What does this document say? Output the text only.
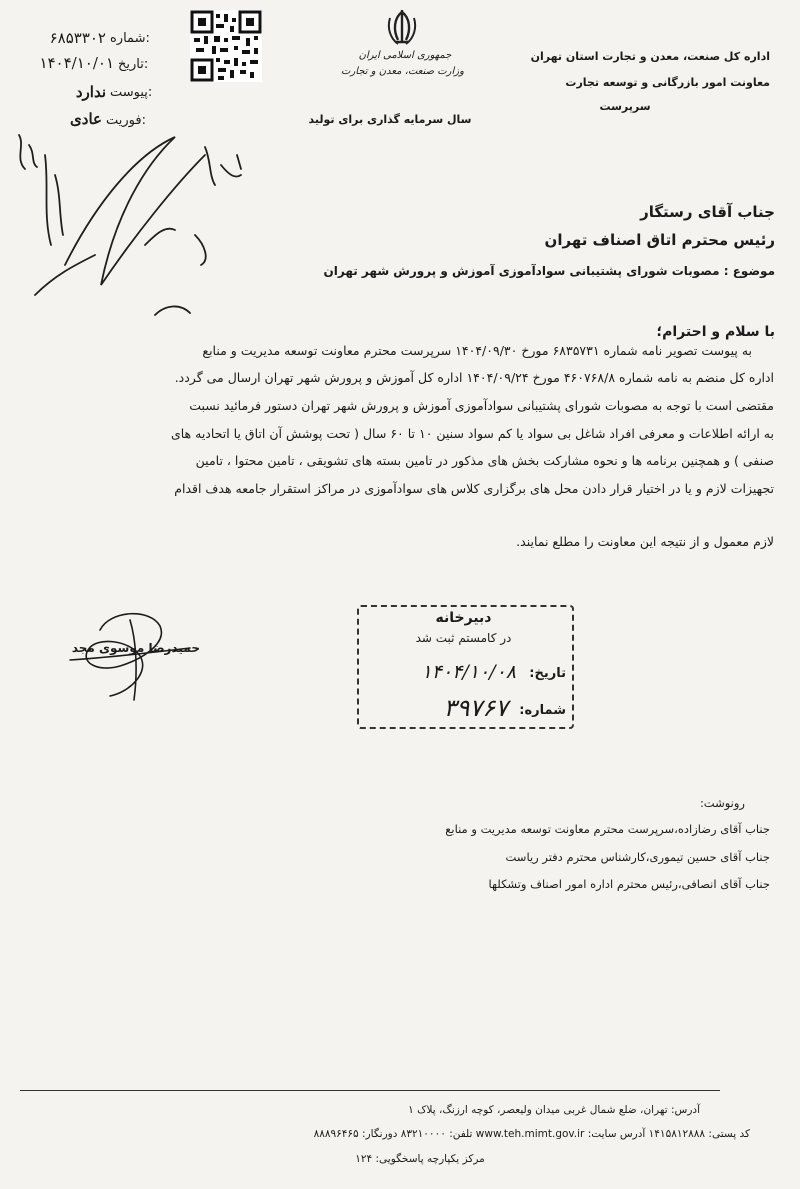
جمهوری اسلامی ایران
وزارت صنعت، معدن و تجارت
سال سرمایه گذاری برای تولید
اداره کل صنعت، معدن و تجارت استان تهران
معاونت امور بازرگانی و توسعه تجارت
سرپرست
شماره:
۶۸۵۳۳۰۲
تاریخ:
۱۴۰۴/۱۰/۰۱
پیوست:
ندارد
فوریت:
عادی
جناب آقای رستگار
رئیس محترم اتاق اصناف تهران
موضوع : مصوبات شورای پشتیبانی سوادآموزی آموزش و پرورش شهر تهران
با سلام و احترام؛
به پیوست تصویر نامه شماره ۶۸۳۵۷۳۱ مورخ ۱۴۰۴/۰۹/۳۰ سرپرست محترم معاونت توسعه مدیریت و منابع
اداره کل منضم به نامه شماره ۴۶۰۷۶۸/۸ مورخ ۱۴۰۴/۰۹/۲۴ اداره کل آموزش و پرورش شهر تهران ارسال می گردد.
مقتضی است با توجه به مصوبات شورای پشتیبانی سوادآموزی آموزش و پرورش شهر تهران دستور فرمائید نسبت
به ارائه اطلاعات و معرفی افراد شاغل بی سواد یا کم سواد سنین ۱۰ تا ۶۰ سال ( تحت پوشش آن اتاق یا اتحادیه های
صنفی ) و همچنین برنامه ها و نحوه مشارکت بخش های مذکور در تامین بسته های تشویقی ، تامین محتوا ، تامین
تجهیزات لازم و یا در اختیار قرار دادن محل های برگزاری کلاس های سوادآموزی در مراکز استقرار جامعه هدف اقدام
لازم معمول و از نتیجه این معاونت را مطلع نمایند.
حمیدرضا موسوی مجد
دبیرخانه
در کامستم ثبت شد
تاریخ:
۱۴۰۴/۱۰/۰۸
شماره:
۳۹۷۶۷
رونوشت:
جناب آقای رضازاده،سرپرست محترم معاونت توسعه مدیریت و منابع
جناب آقای حسین تیموری،کارشناس محترم دفتر ریاست
جناب آقای انصافی،رئیس محترم اداره امور اصناف وتشکلها
آدرس: تهران، ضلع شمال غربی میدان ولیعصر، کوچه ارزنگ، پلاک ۱
کد پستی: ۱۴۱۵۸۱۲۸۸۸ آدرس سایت: www.teh.mimt.gov.ir تلفن: ۸۳۲۱۰۰۰۰ دورنگار: ۸۸۸۹۶۴۶۵
مرکز یکپارچه پاسخگویی: ۱۲۴
